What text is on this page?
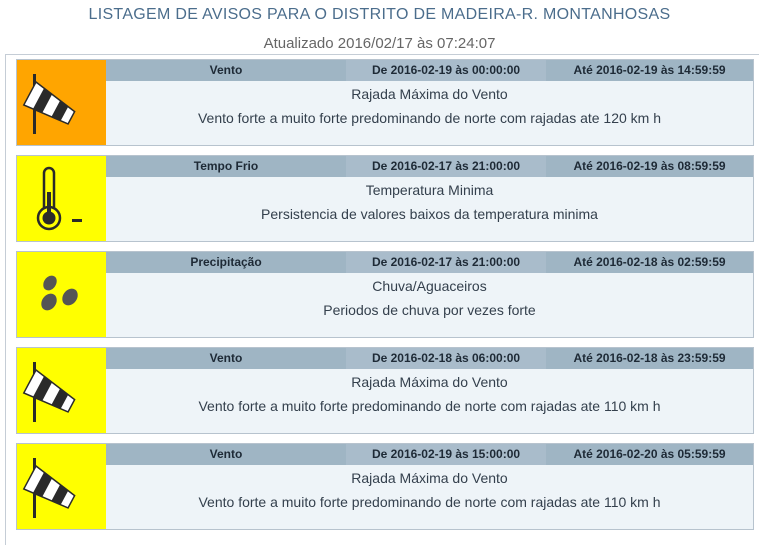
LISTAGEM DE AVISOS PARA O DISTRITO DE MADEIRA-R. MONTANHOSAS
Atualizado 2016/02/17 às 07:24:07
Vento	De 2016-02-19 às 00:00:00	Até 2016-02-19 às 14:59:59
Rajada Máxima do Vento
Vento forte a muito forte predominando de norte com rajadas ate 120 km h
Tempo Frio	De 2016-02-17 às 21:00:00	Até 2016-02-19 às 08:59:59
Temperatura Minima
Persistencia de valores baixos da temperatura minima
Precipitação	De 2016-02-17 às 21:00:00	Até 2016-02-18 às 02:59:59
Chuva/Aguaceiros
Periodos de chuva por vezes forte
Vento	De 2016-02-18 às 06:00:00	Até 2016-02-18 às 23:59:59
Rajada Máxima do Vento
Vento forte a muito forte predominando de norte com rajadas ate 110 km h
Vento	De 2016-02-19 às 15:00:00	Até 2016-02-20 às 05:59:59
Rajada Máxima do Vento
Vento forte a muito forte predominando de norte com rajadas ate 110 km h
